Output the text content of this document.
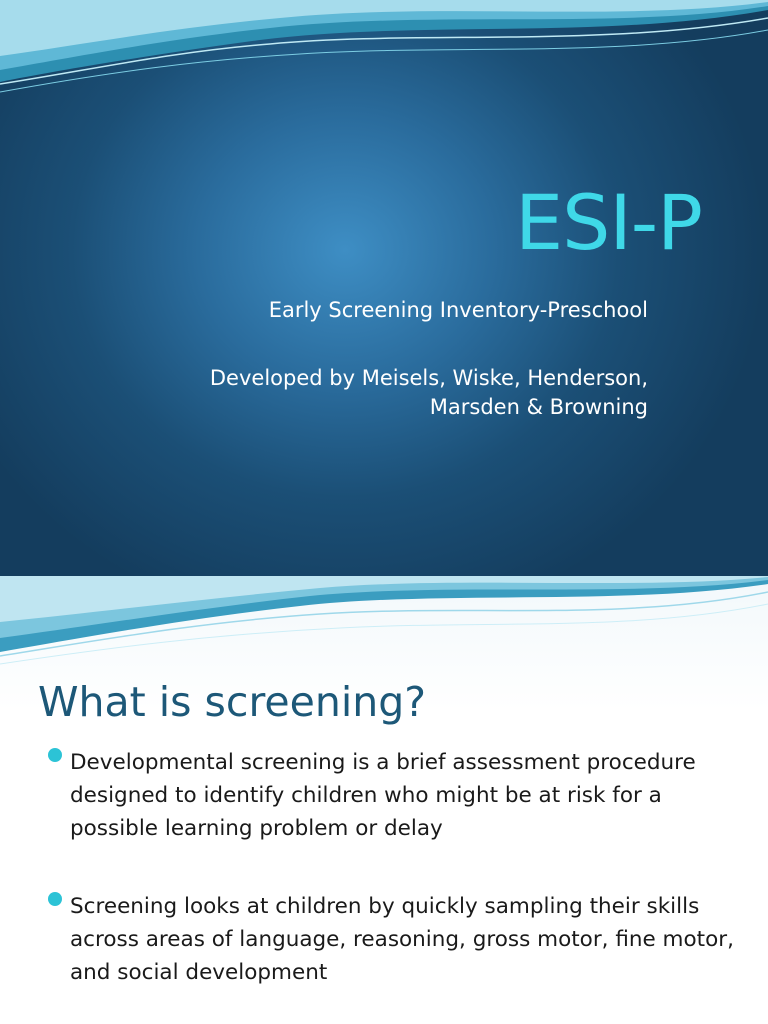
ESI-P

Early Screening Inventory-Preschool

Developed by Meisels, Wiske, Henderson,

Marsden & Browning

What is screening?
Developmental screening is a brief assessment procedure designed to identify children who might be at risk for a possible learning problem or delay
Screening looks at children by quickly sampling their skills across areas of language, reasoning, gross motor, fine motor, and social development
